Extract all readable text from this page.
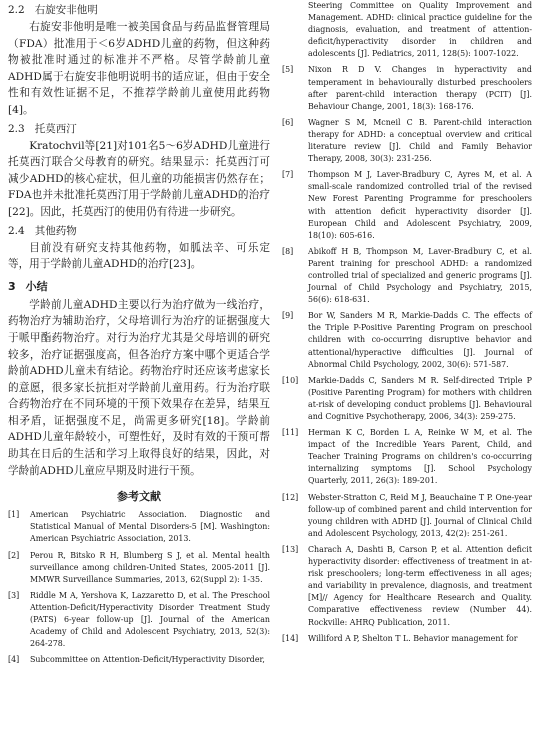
2.2 右旋安非他明

右旋安非他明是唯一被美国食品与药品监督管理局（FDA）批准用于＜6岁ADHD儿童的药物，但这种药物被批准时通过的标准并不严格。尽管学龄前儿童ADHD属于右旋安非他明说明书的适应证，但由于安全性和有效性证据不足，不推荐学龄前儿童使用此药物[4]。

2.3 托莫西汀

Kratochvil等[21]对101名5～6岁ADHD儿童进行托莫西汀联合父母教育的研究。结果显示：托莫西汀可减少ADHD的核心症状，但儿童的功能损害仍然存在；FDA也并未批准托莫西汀用于学龄前儿童ADHD的治疗[22]。因此，托莫西汀的使用仍有待进一步研究。

2.4 其他药物

目前没有研究支持其他药物，如胍法辛、可乐定等，用于学龄前儿童ADHD的治疗[23]。

3 小结

学龄前儿童ADHD主要以行为治疗做为一线治疗，药物治疗为辅助治疗，父母培训行为治疗的证据强度大于哌甲酯药物治疗。对行为治疗尤其是父母培训的研究较多，治疗证据强度高，但各治疗方案中哪个更适合学龄前ADHD儿童未有结论。药物治疗时还应该考虑家长的意愿，很多家长抗拒对学龄前儿童用药。行为治疗联合药物治疗在不同环境的干预下效果存在差异，结果互相矛盾，证据强度不足，尚需更多研究[18]。学龄前ADHD儿童年龄较小，可塑性好，及时有效的干预可帮助其在日后的生活和学习上取得良好的结果，因此，对学龄前ADHD儿童应早期及时进行干预。

参考文献
[1]	American Psychiatric Association. Diagnostic and Statistical Manual of Mental Disorders-5 [M]. Washington: American Psychiatric Association, 2013.
[2]	Perou R, Bitsko R H, Blumberg S J, et al. Mental health surveillance among children-United States, 2005-2011 [J]. MMWR Surveillance Summaries, 2013, 62(Suppl 2): 1-35.
[3]	Riddle M A, Yershova K, Lazzaretto D, et al. The Preschool Attention-Deficit/Hyperactivity Disorder Treatment Study (PATS) 6-year follow-up [J]. Journal of the American Academy of Child and Adolescent Psychiatry, 2013, 52(3): 264-278.
[4]	Subcommittee on Attention-Deficit/Hyperactivity Disorder,
Steering Committee on Quality Improvement and Management. ADHD: clinical practice guideline for the diagnosis, evaluation, and treatment of attention-deficit/hyperactivity disorder in children and adolescents [J]. Pediatrics, 2011, 128(5): 1007-1022.
[5]	Nixon R D V. Changes in hyperactivity and temperament in behaviourally disturbed preschoolers after parent-child interaction therapy (PCIT) [J]. Behaviour Change, 2001, 18(3): 168-176.
[6]	Wagner S M, Mcneil C B. Parent-child interaction therapy for ADHD: a conceptual overview and critical literature review [J]. Child and Family Behavior Therapy, 2008, 30(3): 231-256.
[7]	Thompson M J, Laver-Bradbury C, Ayres M, et al. A small-scale randomized controlled trial of the revised New Forest Parenting Programme for preschoolers with attention deficit hyperactivity disorder [J]. European Child and Adolescent Psychiatry, 2009, 18(10): 605-616.
[8]	Abikoff H B, Thompson M, Laver-Bradbury C, et al. Parent training for preschool ADHD: a randomized controlled trial of specialized and generic programs [J]. Journal of Child Psychology and Psychiatry, 2015, 56(6): 618-631.
[9]	Bor W, Sanders M R, Markie-Dadds C. The effects of the Triple P-Positive Parenting Program on preschool children with co-occurring disruptive behavior and attentional/hyperactive difficulties [J]. Journal of Abnormal Child Psychology, 2002, 30(6): 571-587.
[10]	Markie-Dadds C, Sanders M R. Self-directed Triple P (Positive Parenting Program) for mothers with children at-risk of developing conduct problems [J]. Behavioural and Cognitive Psychotherapy, 2006, 34(3): 259-275.
[11]	Herman K C, Borden L A, Reinke W M, et al. The impact of the Incredible Years Parent, Child, and Teacher Training Programs on children's co-occurring internalizing symptoms [J]. School Psychology Quarterly, 2011, 26(3): 189-201.
[12]	Webster-Stratton C, Reid M J, Beauchaine T P. One-year follow-up of combined parent and child intervention for young children with ADHD [J]. Journal of Clinical Child and Adolescent Psychology, 2013, 42(2): 251-261.
[13]	Charach A, Dashti B, Carson P, et al. Attention deficit hyperactivity disorder: effectiveness of treatment in at-risk preschoolers; long-term effectiveness in all ages; and variability in prevalence, diagnosis, and treatment [M]// Agency for Healthcare Research and Quality. Comparative effectiveness review (Number 44). Rockville: AHRQ Publication, 2011.
[14]	Williford A P, Shelton T L. Behavior management for
